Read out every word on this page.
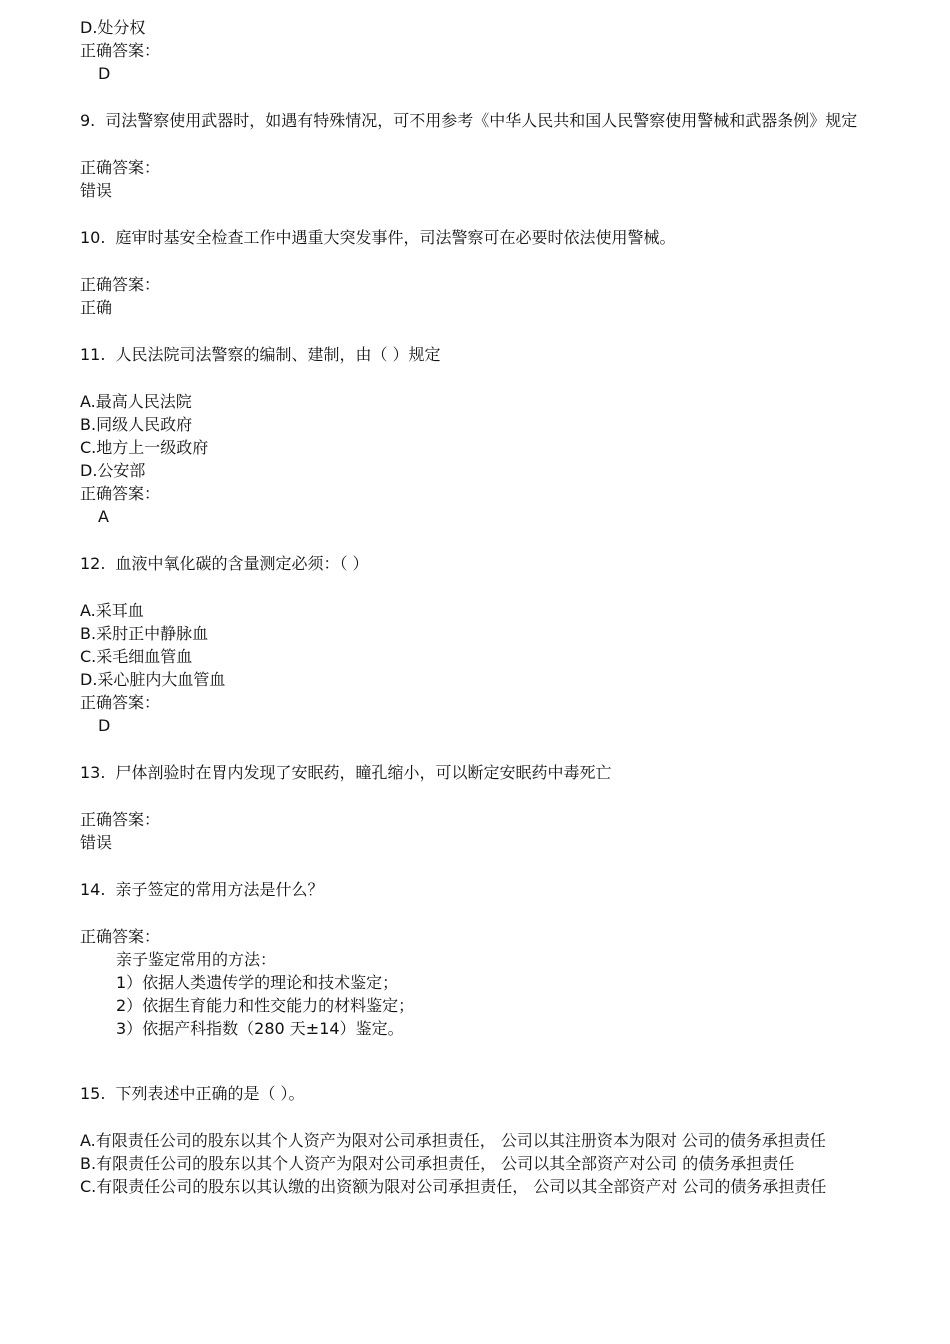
D.处分权
正确答案：
D
9. 司法警察使用武器时，如遇有特殊情况，可不用参考《中华人民共和国人民警察使用警械和武器条例》规定
正确答案：
错误
10. 庭审时基安全检查工作中遇重大突发事件，司法警察可在必要时依法使用警械。
正确答案：
正确
11. 人民法院司法警察的编制、建制，由（ ）规定
A.最高人民法院
B.同级人民政府
C.地方上一级政府
D.公安部
正确答案：
A
12. 血液中氧化碳的含量测定必须：（ ）
A.采耳血
B.采肘正中静脉血
C.采毛细血管血
D.采心脏内大血管血
正确答案：
D
13. 尸体剖验时在胃内发现了安眠药，瞳孔缩小，可以断定安眠药中毒死亡
正确答案：
错误
14. 亲子签定的常用方法是什么？
正确答案：
亲子鉴定常用的方法：
1）依据人类遗传学的理论和技术鉴定；
2）依据生育能力和性交能力的材料鉴定；
3）依据产科指数（280 天±14）鉴定。
15. 下列表述中正确的是（ ）。
A.有限责任公司的股东以其个人资产为限对公司承担责任， 公司以其注册资本为限对 公司的债务承担责任
B.有限责任公司的股东以其个人资产为限对公司承担责任， 公司以其全部资产对公司 的债务承担责任
C.有限责任公司的股东以其认缴的出资额为限对公司承担责任， 公司以其全部资产对 公司的债务承担责任
